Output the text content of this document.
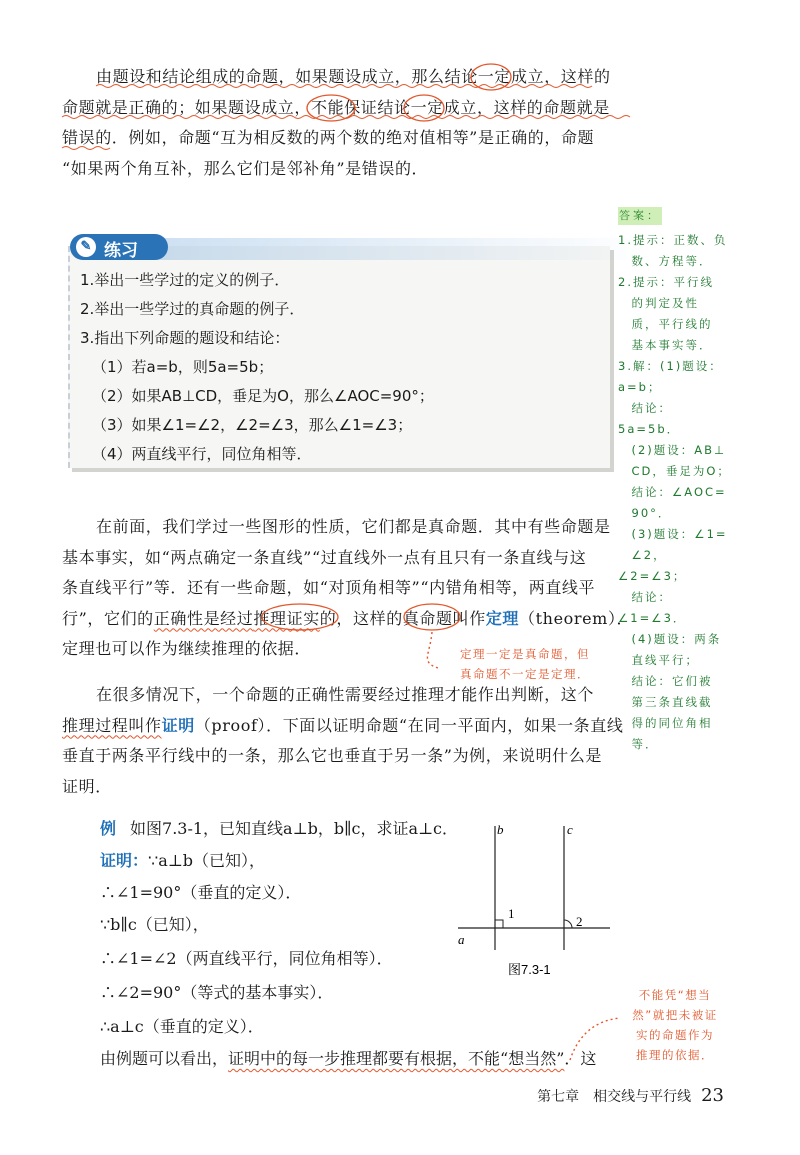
由题设和结论组成的命题，如果题设成立，那么结论一定成立，这样的
命题就是正确的；如果题设成立，不能保证结论一定成立，这样的命题就是
错误的．例如，命题“互为相反数的两个数的绝对值相等”是正确的，命题
“如果两个角互补，那么它们是邻补角”是错误的．
✎ 练习
1.举出一些学过的定义的例子．
2.举出一些学过的真命题的例子．
3.指出下列命题的题设和结论：
（1）若a=b，则5a=5b；
（2）如果AB⊥CD，垂足为O，那么∠AOC=90°；
（3）如果∠1=∠2，∠2=∠3，那么∠1=∠3；
（4）两直线平行，同位角相等．
答案：
1.提示：正数、负
　数、方程等．
2.提示：平行线
　的判定及性
　质，平行线的
　基本事实等．
3.解：(1)题设：a=b；
　结论：5a=5b．
　(2)题设：AB⊥
　CD，垂足为O；
　结论：∠AOC=
　90°．
　(3)题设：∠1=
　∠2，∠2=∠3；
　结论：∠1=∠3．
　(4)题设：两条
　直线平行；
　结论：它们被
　第三条直线截
　得的同位角相
　等．
在前面，我们学过一些图形的性质，它们都是真命题．其中有些命题是
基本事实，如“两点确定一条直线”“过直线外一点有且只有一条直线与这
条直线平行”等．还有一些命题，如“对顶角相等”“内错角相等，两直线平
行”，它们的正确性是经过推理证实的，这样的真命题叫作定理（theorem）．
定理也可以作为继续推理的依据．	定理一定是真命题，但
真命题不一定是定理．
在很多情况下，一个命题的正确性需要经过推理才能作出判断，这个
推理过程叫作证明（proof）．下面以证明命题“在同一平面内，如果一条直线
垂直于两条平行线中的一条，那么它也垂直于另一条”为例，来说明什么是
证明．
例 如图7.3-1，已知直线a⊥b，b∥c，求证a⊥c．
证明：∵a⊥b（已知），
∴∠1=90°（垂直的定义）．
∵b∥c（已知），
∴∠1=∠2（两直线平行，同位角相等）．
∴∠2=90°（等式的基本事实）．
∴a⊥c（垂直的定义）．
由例题可以看出，证明中的每一步推理都要有根据，不能“想当然”．这
b	c
a
1
2
图7.3-1
不能凭“想当
然”就把未被证
实的命题作为
推理的依据．
第七章　相交线与平行线 23
